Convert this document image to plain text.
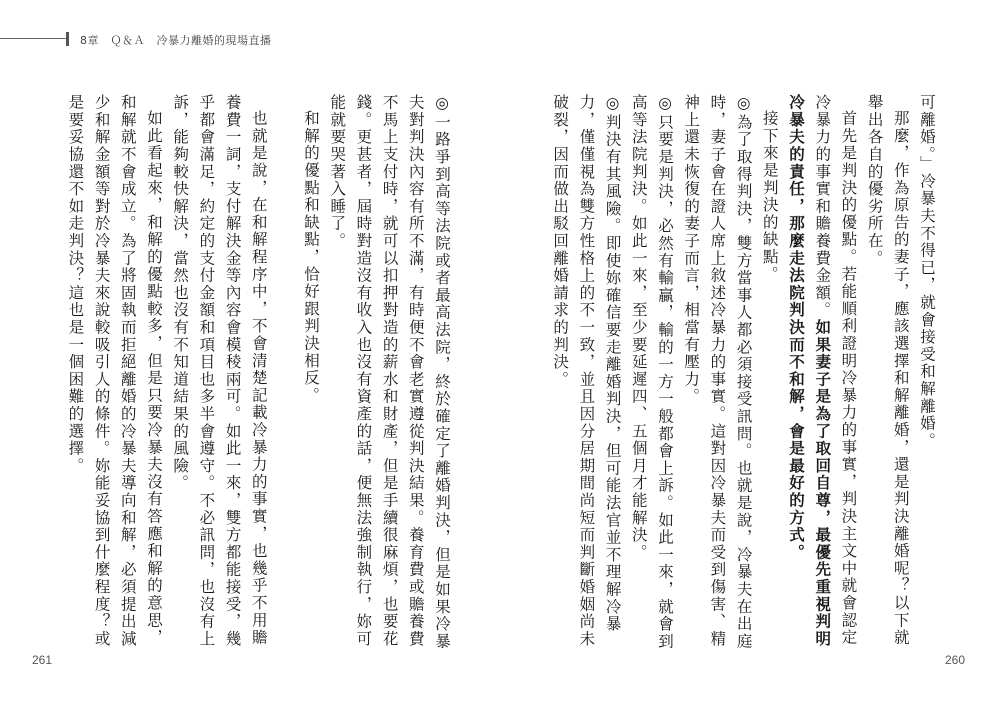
8章　Ｑ＆Ａ　冷暴力離婚的現場直播

◎一路爭到高等法院或者最高法院，終於確定了離婚判決，但是如果冷暴夫對判決內容有所不滿，有時便不會老實遵從判決結果。養育費或贍養費不馬上支付時，就可以扣押對造的薪水和財產，但是手續很麻煩，也要花錢。更甚者，屆時對造沒有收入也沒有資產的話，便無法強制執行，妳可能就要哭著入睡了。

和解的優點和缺點，恰好跟判決相反。

也就是說，在和解程序中，不會清楚記載冷暴力的事實，也幾乎不用贍養費一詞，支付解決金等內容會模稜兩可。如此一來，雙方都能接受，幾乎都會滿足，約定的支付金額和項目也多半會遵守。不必訊問，也沒有上訴，能夠較快解決，當然也沒有不知道結果的風險。

如此看起來，和解的優點較多，但是只要冷暴夫沒有答應和解的意思，和解就不會成立。為了將固執而拒絕離婚的冷暴夫導向和解，必須提出減少和解金額等對於冷暴夫來說較吸引人的條件。妳能妥協到什麼程度？或是要妥協還不如走判決？這也是一個困難的選擇。

261

可離婚。」冷暴夫不得已，就會接受和解離婚。

那麼，作為原告的妻子，應該選擇和解離婚，還是判決離婚呢？以下就舉出各自的優劣所在。

首先是判決的優點。若能順利證明冷暴力的事實，判決主文中就會認定冷暴力的事實和贍養費金額。如果妻子是為了取回自尊，最優先重視判明冷暴夫的責任，那麼走法院判決而不和解，會是最好的方式。

接下來是判決的缺點。

◎為了取得判決，雙方當事人都必須接受訊問。也就是說，冷暴夫在出庭時，妻子會在證人席上敘述冷暴力的事實。這對因冷暴夫而受到傷害、精神上還未恢復的妻子而言，相當有壓力。

◎只要是判決，必然有輸贏，輸的一方一般都會上訴。如此一來，就會到高等法院判決。如此一來，至少要延遲四、五個月才能解決。

◎判決有其風險。即使妳確信要走離婚判決，但可能法官並不理解冷暴力，僅僅視為雙方性格上的不一致，並且因分居期間尚短而判斷婚姻尚未破裂，因而做出駁回離婚請求的判決。

260
